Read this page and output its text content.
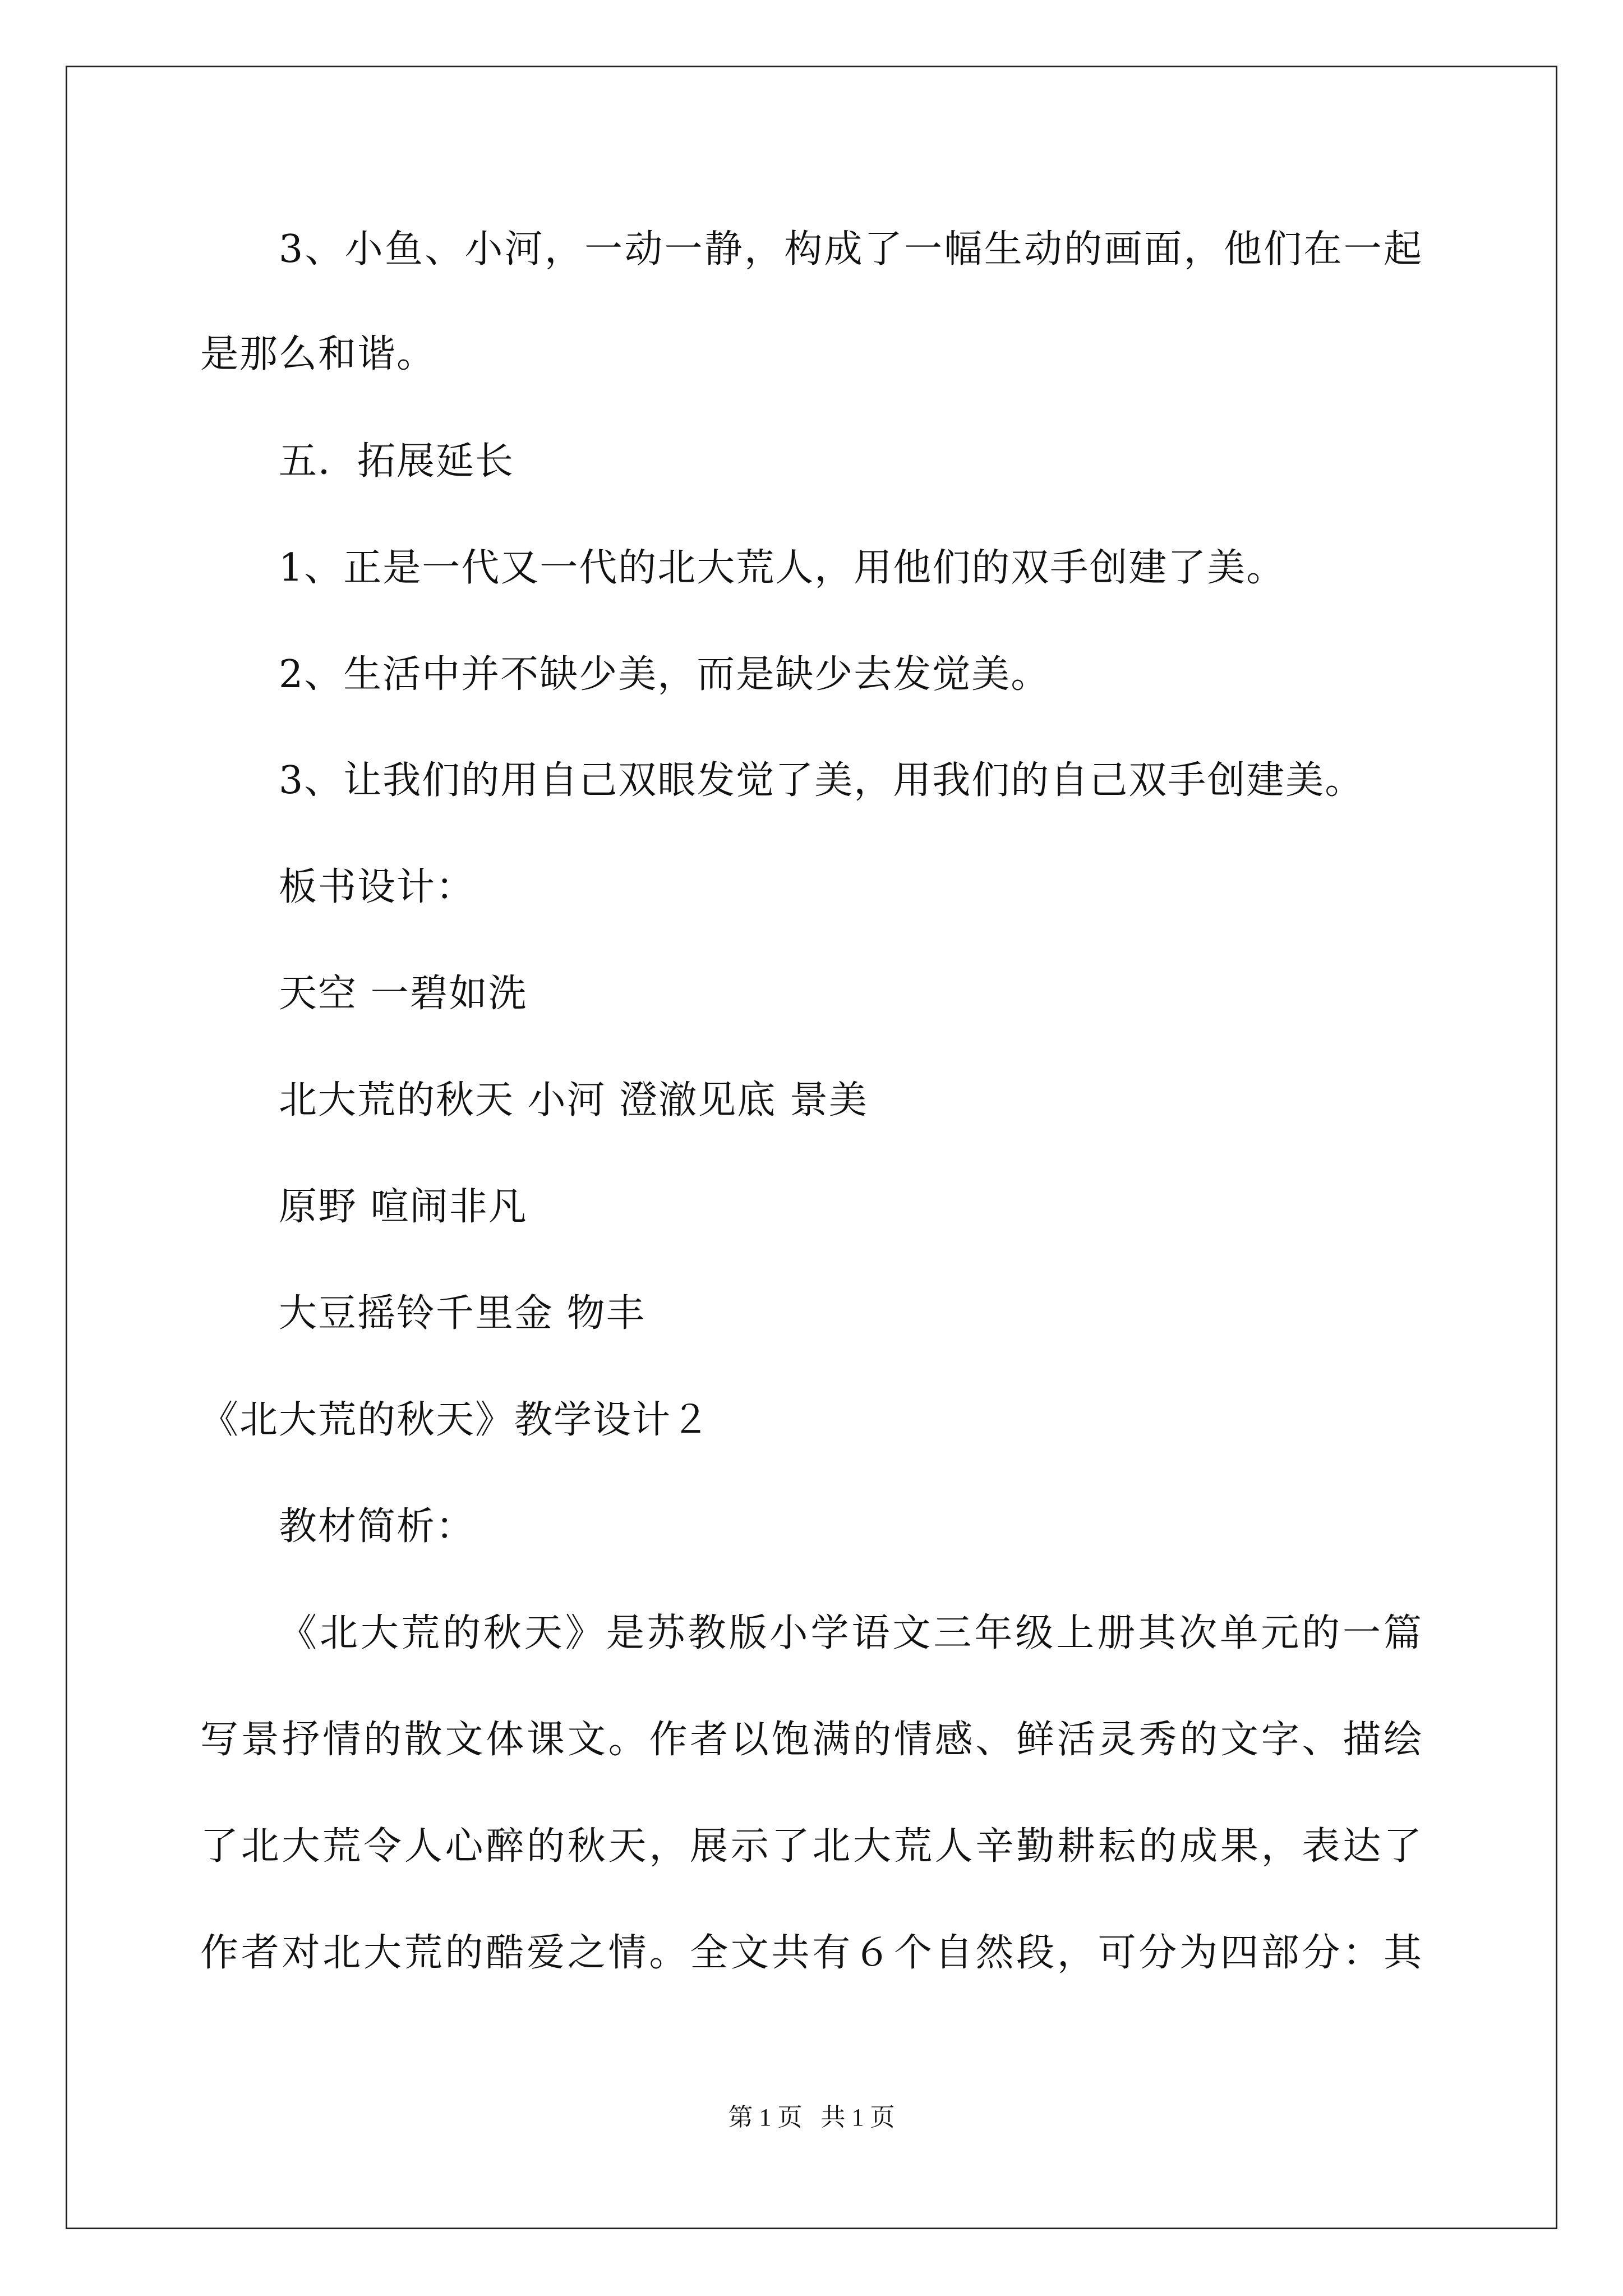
3、小鱼、小河，一动一静，构成了一幅生动的画面，他们在一起
是那么和谐。
五．拓展延长
1、正是一代又一代的北大荒人，用他们的双手创建了美。
2、生活中并不缺少美，而是缺少去发觉美。
3、让我们的用自己双眼发觉了美，用我们的自己双手创建美。
板书设计：
天空 一碧如洗
北大荒的秋天 小河 澄澈见底 景美
原野 喧闹非凡
大豆摇铃千里金 物丰
《北大荒的秋天》教学设计２
教材简析：
《北大荒的秋天》是苏教版小学语文三年级上册其次单元的一篇
写景抒情的散文体课文。作者以饱满的情感、鲜活灵秀的文字、描绘
了北大荒令人心醉的秋天，展示了北大荒人辛勤耕耘的成果，表达了
作者对北大荒的酷爱之情。全文共有６个自然段，可分为四部分：其
第 1 页   共 1 页
